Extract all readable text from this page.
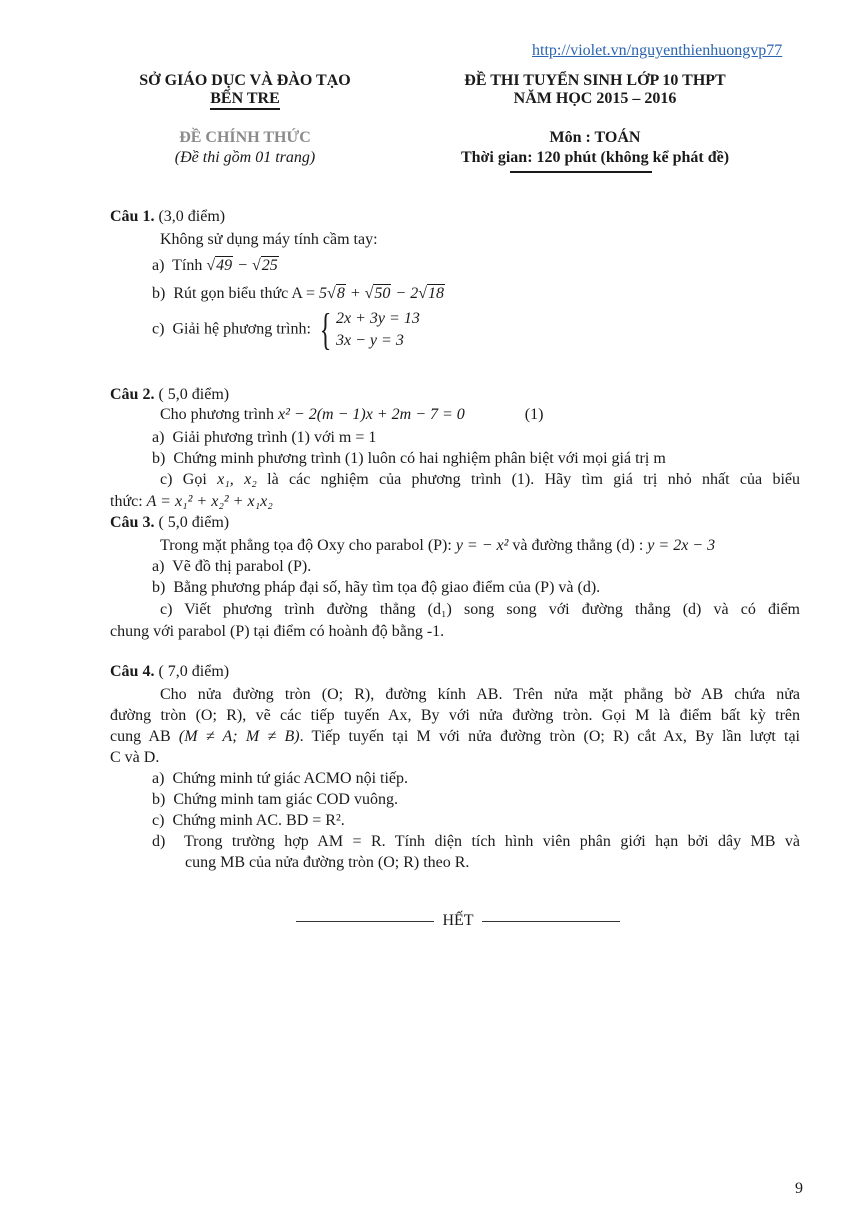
http://violet.vn/nguyenthienhuongvp77
SỞ GIÁO DỤC VÀ ĐÀO TẠO
BẾN TRE
ĐỀ THI TUYỂN SINH LỚP 10 THPT
NĂM HỌC 2015 – 2016
ĐỀ CHÍNH THỨC
(Đề thi gồm 01 trang)
Môn : TOÁN
Thời gian: 120 phút (không kể phát đề)
Câu 1. (3,0 điểm)
Không sử dụng máy tính cầm tay:
a) Tính √49 − √25
b) Rút gọn biểu thức A = 5√8 + √50 − 2√18
c) Giải hệ phương trình: { 2x + 3y = 13
3x − y = 3
Câu 2. ( 5,0 điểm)
Cho phương trình x² − 2(m − 1)x + 2m − 7 = 0	(1)
a) Giải phương trình (1) với m = 1
b) Chứng minh phương trình (1) luôn có hai nghiệm phân biệt với mọi giá trị m
c) Gọi x₁, x₂ là các nghiệm của phương trình (1). Hãy tìm giá trị nhỏ nhất của biểu
thức: A = x₁² + x₂² + x₁x₂
Câu 3. ( 5,0 điểm)
Trong mặt phẳng tọa độ Oxy cho parabol (P): y = − x² và đường thẳng (d) : y = 2x − 3
a) Vẽ đồ thị parabol (P).
b) Bằng phương pháp đại số, hãy tìm tọa độ giao điểm của (P) và (d).
c) Viết phương trình đường thẳng (d₁) song song với đường thẳng (d) và có điểm
chung với parabol (P) tại điểm có hoành độ bằng -1.
Câu 4. ( 7,0 điểm)
Cho nửa đường tròn (O; R), đường kính AB. Trên nửa mặt phẳng bờ AB chứa nửa
đường tròn (O; R), vẽ các tiếp tuyến Ax, By với nửa đường tròn. Gọi M là điểm bất kỳ trên
cung AB (M ≠ A; M ≠ B). Tiếp tuyến tại M với nửa đường tròn (O; R) cắt Ax, By lần lượt tại
C và D.
a) Chứng minh tứ giác ACMO nội tiếp.
b) Chứng minh tam giác COD vuông.
c) Chứng minh AC. BD = R².
d) Trong trường hợp AM = R. Tính diện tích hình viên phân giới hạn bởi dây MB và
cung MB của nửa đường tròn (O; R) theo R.
HẾT
9
